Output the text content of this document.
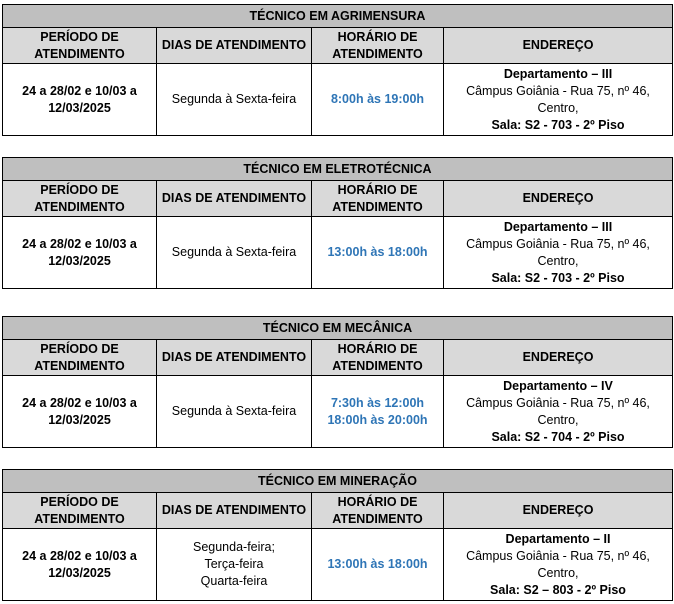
TÉCNICO EM AGRIMENSURA			
PERÍODO DE ATENDIMENTO	DIAS DE ATENDIMENTO	HORÁRIO DE ATENDIMENTO	ENDEREÇO
24 a 28/02 e 10/03 a 12/03/2025	Segunda à Sexta-feira	8:00h às 19:00h	Departamento – III
Câmpus Goiânia - Rua 75, nº 46,
Centro,
Sala: S2 - 703 - 2º Piso
TÉCNICO EM ELETROTÉCNICA			
PERÍODO DE ATENDIMENTO	DIAS DE ATENDIMENTO	HORÁRIO DE ATENDIMENTO	ENDEREÇO
24 a 28/02 e 10/03 a 12/03/2025	Segunda à Sexta-feira	13:00h às 18:00h	Departamento – III
Câmpus Goiânia - Rua 75, nº 46,
Centro,
Sala: S2 - 703 - 2º Piso
TÉCNICO EM MECÂNICA			
PERÍODO DE ATENDIMENTO	DIAS DE ATENDIMENTO	HORÁRIO DE ATENDIMENTO	ENDEREÇO
24 a 28/02 e 10/03 a 12/03/2025	Segunda à Sexta-feira	7:30h às 12:00h
18:00h às 20:00h	Departamento – IV
Câmpus Goiânia - Rua 75, nº 46,
Centro,
Sala: S2 - 704 - 2º Piso
TÉCNICO EM MINERAÇÃO			
PERÍODO DE ATENDIMENTO	DIAS DE ATENDIMENTO	HORÁRIO DE ATENDIMENTO	ENDEREÇO
24 a 28/02 e 10/03 a 12/03/2025	Segunda-feira;
Terça-feira
Quarta-feira	13:00h às 18:00h	Departamento – II
Câmpus Goiânia - Rua 75, nº 46,
Centro,
Sala: S2 – 803 - 2º Piso
